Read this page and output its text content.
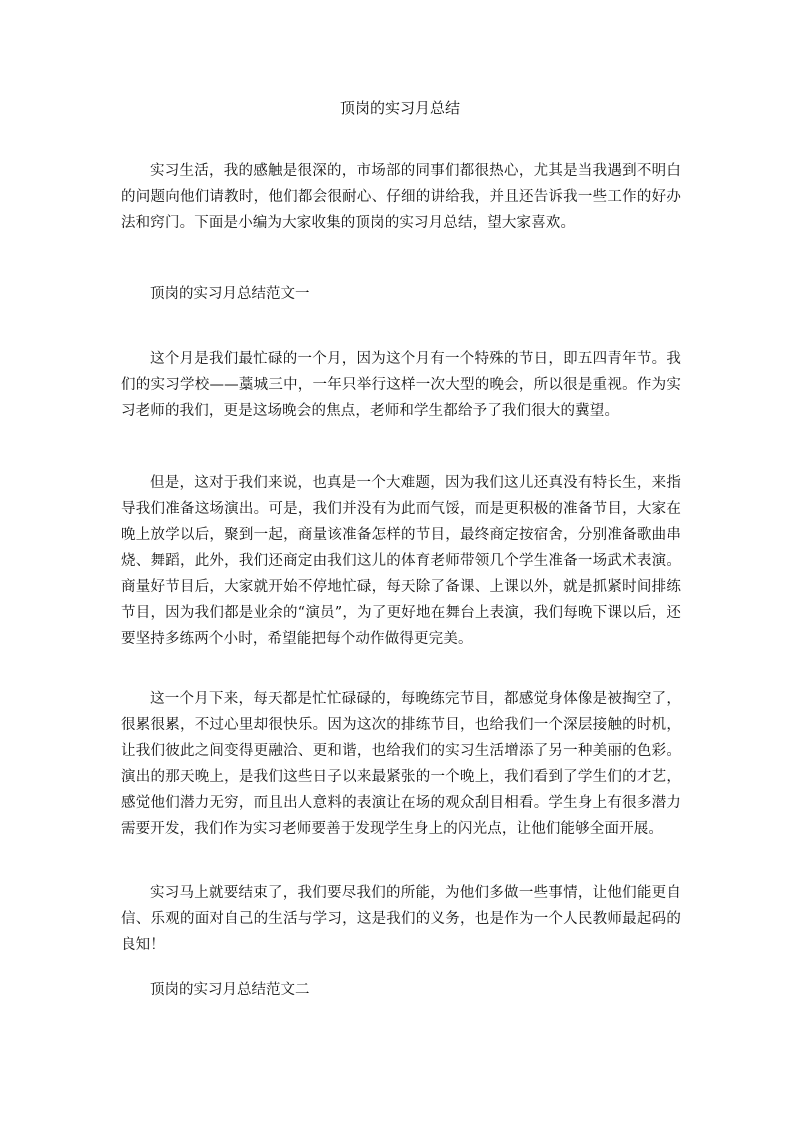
顶岗的实习月总结
实习生活，我的感触是很深的，市场部的同事们都很热心，尤其是当我遇到不明白的问题向他们请教时，他们都会很耐心、仔细的讲给我，并且还告诉我一些工作的好办法和窍门。下面是小编为大家收集的顶岗的实习月总结，望大家喜欢。
顶岗的实习月总结范文一
这个月是我们最忙碌的一个月，因为这个月有一个特殊的节日，即五四青年节。我们的实习学校——藁城三中，一年只举行这样一次大型的晚会，所以很是重视。作为实习老师的我们，更是这场晚会的焦点，老师和学生都给予了我们很大的冀望。
但是，这对于我们来说，也真是一个大难题，因为我们这儿还真没有特长生，来指导我们准备这场演出。可是，我们并没有为此而气馁，而是更积极的准备节目，大家在晚上放学以后，聚到一起，商量该准备怎样的节目，最终商定按宿舍，分别准备歌曲串烧、舞蹈，此外，我们还商定由我们这儿的体育老师带领几个学生准备一场武术表演。商量好节目后，大家就开始不停地忙碌，每天除了备课、上课以外，就是抓紧时间排练节目，因为我们都是业余的“演员”，为了更好地在舞台上表演，我们每晚下课以后，还要坚持多练两个小时，希望能把每个动作做得更完美。
这一个月下来，每天都是忙忙碌碌的，每晚练完节目，都感觉身体像是被掏空了，很累很累，不过心里却很快乐。因为这次的排练节目，也给我们一个深层接触的时机，让我们彼此之间变得更融洽、更和谐，也给我们的实习生活增添了另一种美丽的色彩。演出的那天晚上，是我们这些日子以来最紧张的一个晚上，我们看到了学生们的才艺，感觉他们潜力无穷，而且出人意料的表演让在场的观众刮目相看。学生身上有很多潜力需要开发，我们作为实习老师要善于发现学生身上的闪光点，让他们能够全面开展。
实习马上就要结束了，我们要尽我们的所能，为他们多做一些事情，让他们能更自信、乐观的面对自己的生活与学习，这是我们的义务，也是作为一个人民教师最起码的良知！
顶岗的实习月总结范文二
